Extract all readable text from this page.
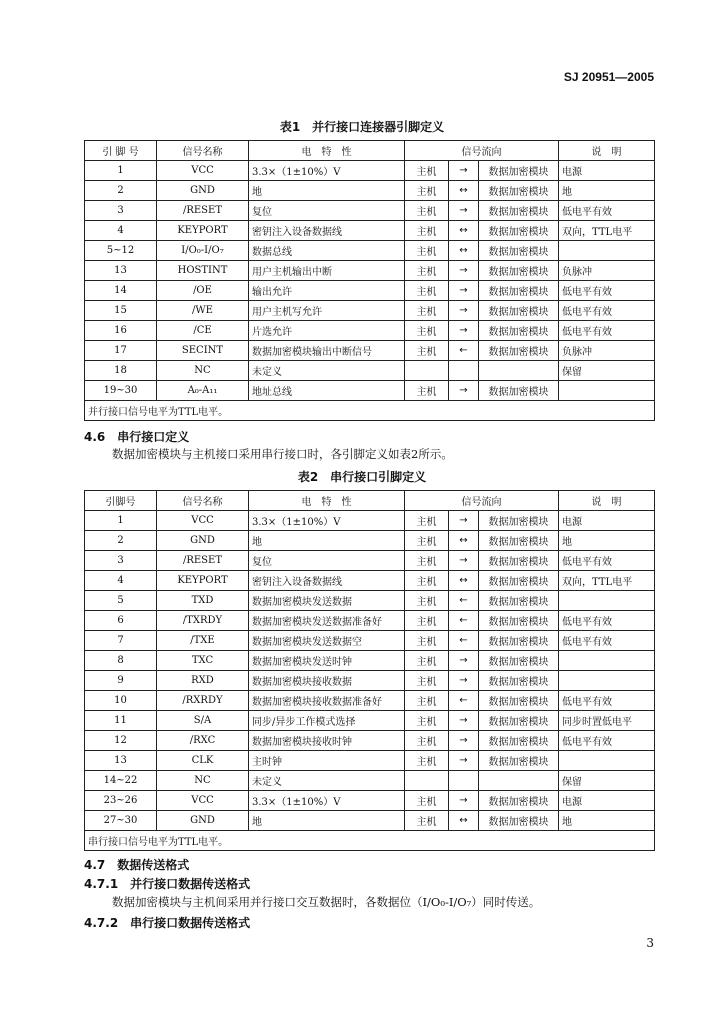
SJ 20951—2005
表1　并行接口连接器引脚定义
引 脚 号	信号名称	电　特　性	信号流向			说　明
1	VCC	3.3×（1±10%）V	主机	→	数据加密模块	电源
2	GND	地	主机	↔	数据加密模块	地
3	/RESET	复位	主机	→	数据加密模块	低电平有效
4	KEYPORT	密钥注入设备数据线	主机	↔	数据加密模块	双向，TTL电平
5~12	I/O₀-I/O₇	数据总线	主机	↔	数据加密模块	
13	HOSTINT	用户主机输出中断	主机	→	数据加密模块	负脉冲
14	/OE	输出允许	主机	→	数据加密模块	低电平有效
15	/WE	用户主机写允许	主机	→	数据加密模块	低电平有效
16	/CE	片选允许	主机	→	数据加密模块	低电平有效
17	SECINT	数据加密模块输出中断信号	主机	←	数据加密模块	负脉冲
18	NC	未定义				保留
19~30	A₀-A₁₁	地址总线	主机	→	数据加密模块	
并行接口信号电平为TTL电平。						
4.6　串行接口定义
数据加密模块与主机接口采用串行接口时，各引脚定义如表2所示。
表2　串行接口引脚定义
引脚号	信号名称	电　特　性	信号流向			说　明
1	VCC	3.3×（1±10%）V	主机	→	数据加密模块	电源
2	GND	地	主机	↔	数据加密模块	地
3	/RESET	复位	主机	→	数据加密模块	低电平有效
4	KEYPORT	密钥注入设备数据线	主机	↔	数据加密模块	双向，TTL电平
5	TXD	数据加密模块发送数据	主机	←	数据加密模块	
6	/TXRDY	数据加密模块发送数据准备好	主机	←	数据加密模块	低电平有效
7	/TXE	数据加密模块发送数据空	主机	←	数据加密模块	低电平有效
8	TXC	数据加密模块发送时钟	主机	→	数据加密模块	
9	RXD	数据加密模块接收数据	主机	→	数据加密模块	
10	/RXRDY	数据加密模块接收数据准备好	主机	←	数据加密模块	低电平有效
11	S/A	同步/异步工作模式选择	主机	→	数据加密模块	同步时置低电平
12	/RXC	数据加密模块接收时钟	主机	→	数据加密模块	低电平有效
13	CLK	主时钟	主机	→	数据加密模块	
14~22	NC	未定义				保留
23~26	VCC	3.3×（1±10%）V	主机	→	数据加密模块	电源
27~30	GND	地	主机	↔	数据加密模块	地
串行接口信号电平为TTL电平。						
4.7　数据传送格式
4.7.1　并行接口数据传送格式
数据加密模块与主机间采用并行接口交互数据时，各数据位（I/O₀-I/O₇）同时传送。
4.7.2　串行接口数据传送格式
3
